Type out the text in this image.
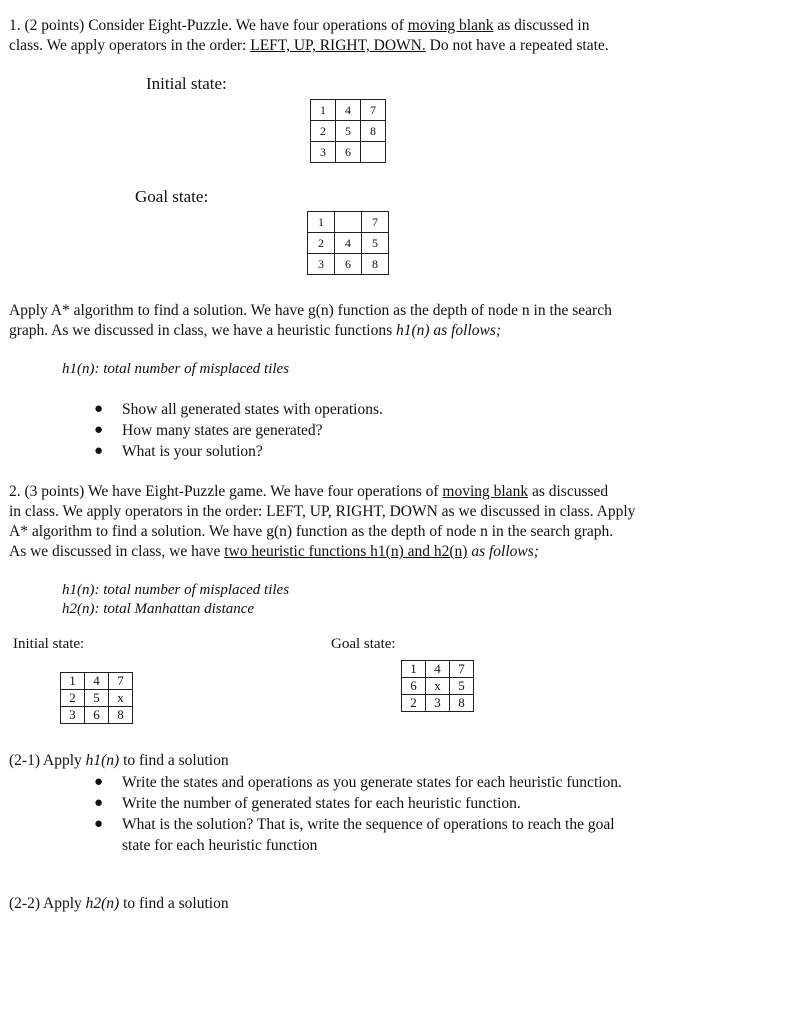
1. (2 points) Consider Eight-Puzzle. We have four operations of moving blank as discussed in
class. We apply operators in the order: LEFT, UP, RIGHT, DOWN. Do not have a repeated state.
Initial state:
1	4	7
2	5	8
3	6	
Goal state:
1		7
2	4	5
3	6	8
Apply A* algorithm to find a solution. We have g(n) function as the depth of node n in the search
graph. As we discussed in class, we have a heuristic functions h1(n) as follows;
h1(n): total number of misplaced tiles
● Show all generated states with operations.
● How many states are generated?
● What is your solution?
2. (3 points) We have Eight-Puzzle game. We have four operations of moving blank as discussed
in class. We apply operators in the order: LEFT, UP, RIGHT, DOWN as we discussed in class. Apply
A* algorithm to find a solution. We have g(n) function as the depth of node n in the search graph.
As we discussed in class, we have two heuristic functions h1(n) and h2(n) as follows;
h1(n): total number of misplaced tiles
h2(n): total Manhattan distance
Initial state:	Goal state:
1	4	7
2	5	x
3	6	8
1	4	7
6	x	5
2	3	8
(2-1) Apply h1(n) to find a solution
● Write the states and operations as you generate states for each heuristic function.
● Write the number of generated states for each heuristic function.
● What is the solution? That is, write the sequence of operations to reach the goal
state for each heuristic function
(2-2) Apply h2(n) to find a solution
